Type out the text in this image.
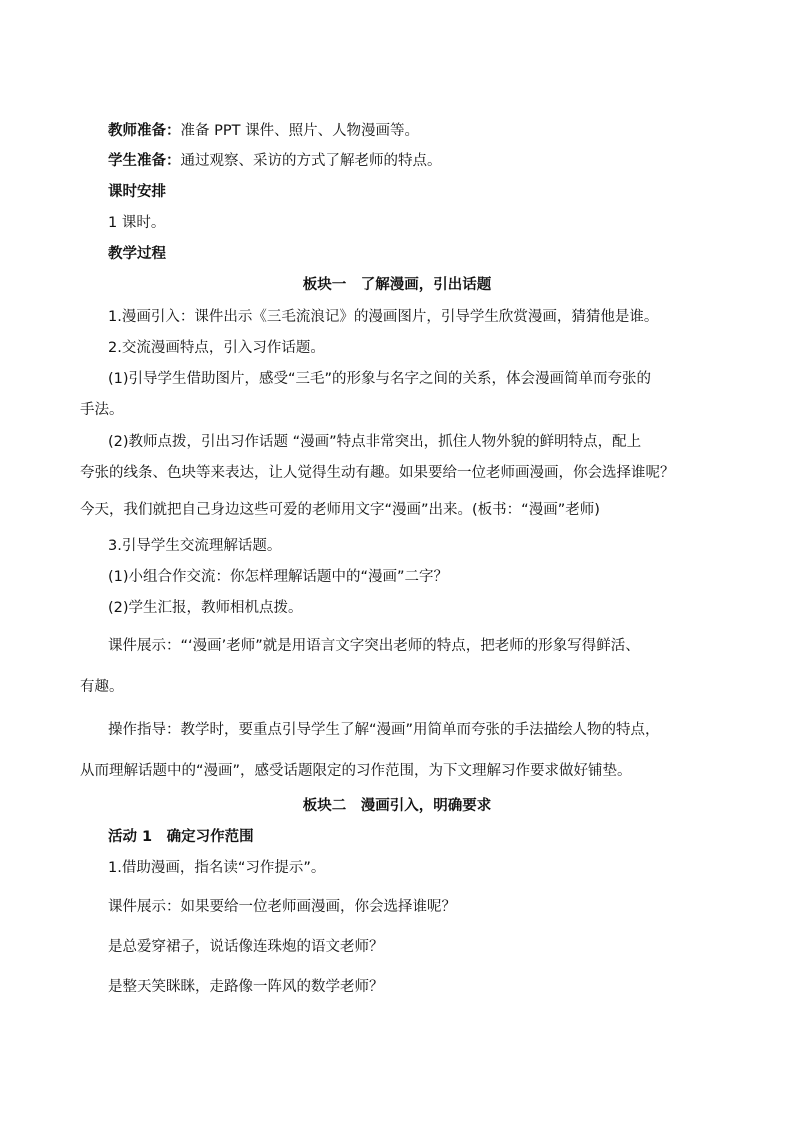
教师准备：准备 PPT 课件、照片、人物漫画等。
学生准备：通过观察、采访的方式了解老师的特点。
课时安排
1 课时。
教学过程
板块一　了解漫画，引出话题
1.漫画引入：课件出示《三毛流浪记》的漫画图片，引导学生欣赏漫画，猜猜他是谁。
2.交流漫画特点，引入习作话题。
(1)引导学生借助图片，感受“三毛”的形象与名字之间的关系，体会漫画简单而夸张的
手法。
(2)教师点拨，引出习作话题 “漫画”特点非常突出，抓住人物外貌的鲜明特点，配上
夸张的线条、色块等来表达，让人觉得生动有趣。如果要给一位老师画漫画，你会选择谁呢？
今天，我们就把自己身边这些可爱的老师用文字“漫画”出来。(板书：“漫画”老师)
3.引导学生交流理解话题。
(1)小组合作交流：你怎样理解话题中的“漫画”二字？
(2)学生汇报，教师相机点拨。
课件展示：“‘漫画’老师”就是用语言文字突出老师的特点，把老师的形象写得鲜活、
有趣。
操作指导：教学时，要重点引导学生了解“漫画”用简单而夸张的手法描绘人物的特点，
从而理解话题中的“漫画”，感受话题限定的习作范围，为下文理解习作要求做好铺垫。
板块二　漫画引入，明确要求
活动 1　确定习作范围
1.借助漫画，指名读“习作提示”。
课件展示：如果要给一位老师画漫画，你会选择谁呢？
是总爱穿裙子，说话像连珠炮的语文老师？
是整天笑眯眯，走路像一阵风的数学老师？
